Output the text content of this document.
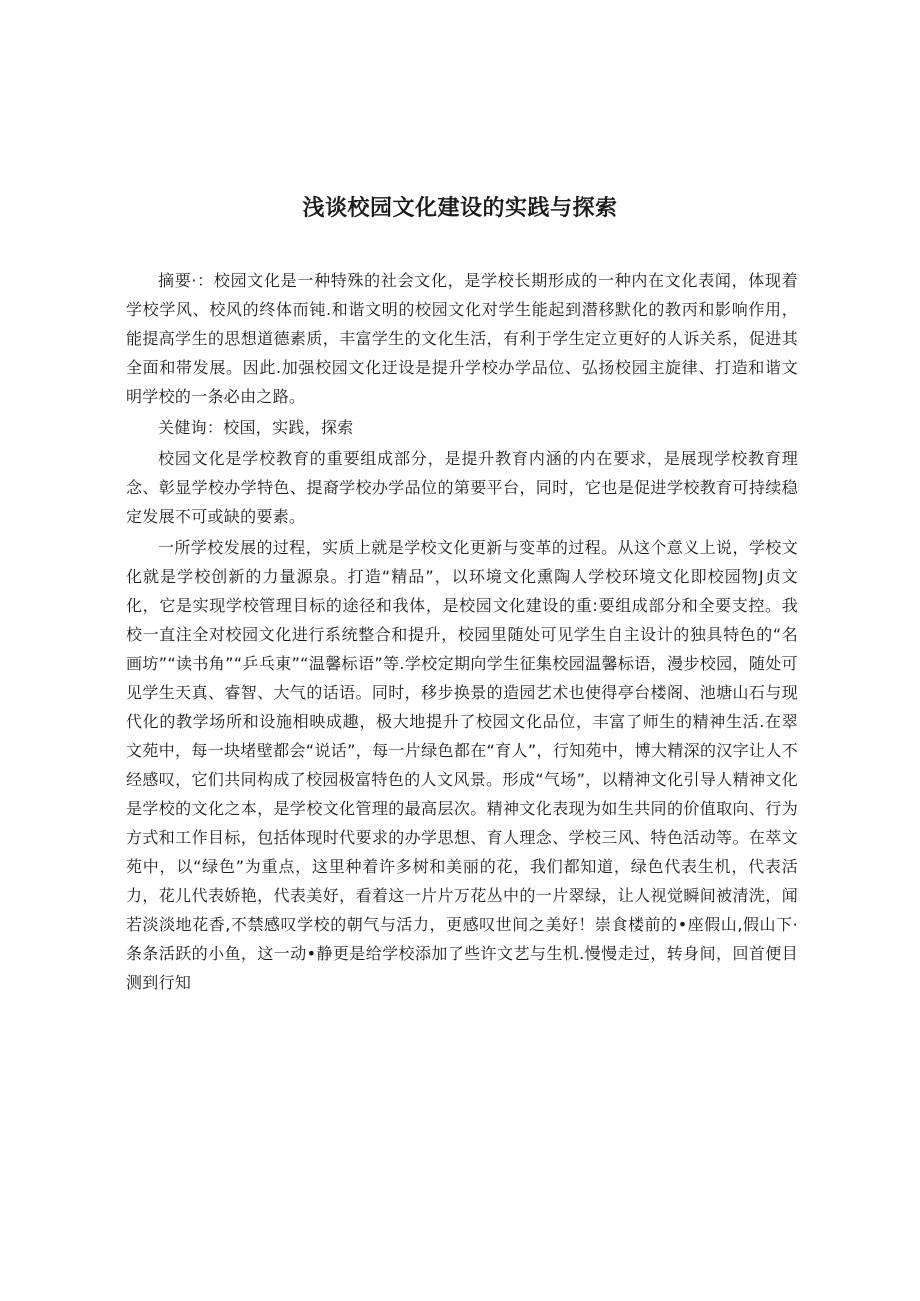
浅谈校园文化建设的实践与探索

摘要·：校园文化是一种特殊的社会文化，是学校长期形成的一种内在文化表闻，体现着学校学风、校风的终体而钝.和谐文明的校园文化对学生能起到潜移默化的教丙和影响作用，能提高学生的思想道德素质，丰富学生的文化生活，有利于学生定立更好的人诉关系，促进其全面和帯发展。因此.加强校园文化迂设是提升学校办学品位、弘扬校园主旋律、打造和谐文明学校的一条必由之路。

关健询：校国，实践，探索

校园文化是学校教育的重要组成部分，是提升教育内涵的内在要求，是展现学校教育理念、彰显学校办学特色、提裔学校办学品位的第要平台，同时，它也是促进学校教育可持续稳定发展不可或缺的要素。

一所学校发展的过程，实质上就是学校文化更新与变革的过程。从这个意义上说，学校文化就是学校创新的力量源泉。打造“精品”，以环境文化熏陶人学校环境文化即校园物J贞文化，它是实现学校管理目标的途径和我体，是校园文化建设的重:要组成部分和全要支控。我校一直注全对校园文化进行系统整合和提升，校园里随处可见学生自主设计的独具特色的“名画坊”“读书角”“乒乓東”“温馨标语”等.学校定期向学生征集校园温馨标语，漫步校园，随处可见学生天真、睿智、大气的话语。同时，移步换景的造园艺术也使得亭台楼阁、池塘山石与现代化的教学场所和设施相映成趣，极大地提升了校园文化品位，丰富了师生的精神生活.在翠文苑中，每一块堵壁都会“说话”，每一片绿色都在“育人”，行知苑中，博大精深的汉字让人不经感叹，它们共同构成了校园极富特色的人文风景。形成“气场”，以精神文化引导人精神文化是学校的文化之本，是学校文化管理的最高层次。精神文化表现为如生共同的价值取向、行为方式和工作目标，包括体现时代要求的办学思想、育人理念、学校三风、特色活动等。在萃文苑中，以“绿色”为重点，这里种着许多树和美丽的花，我们都知道，绿色代表生机，代表活力，花儿代表娇艳，代表美好，看着这一片片万花丛中的一片翠绿，让人视觉瞬间被清洗，闻若淡淡地花香,不禁感叹学校的朝气与活力，更感叹世间之美好！崇食楼前的•座假山,假山下·条条活跃的小鱼，这一动•静更是给学校添加了些许文艺与生机.慢慢走过，转身间，回首便目测到行知
